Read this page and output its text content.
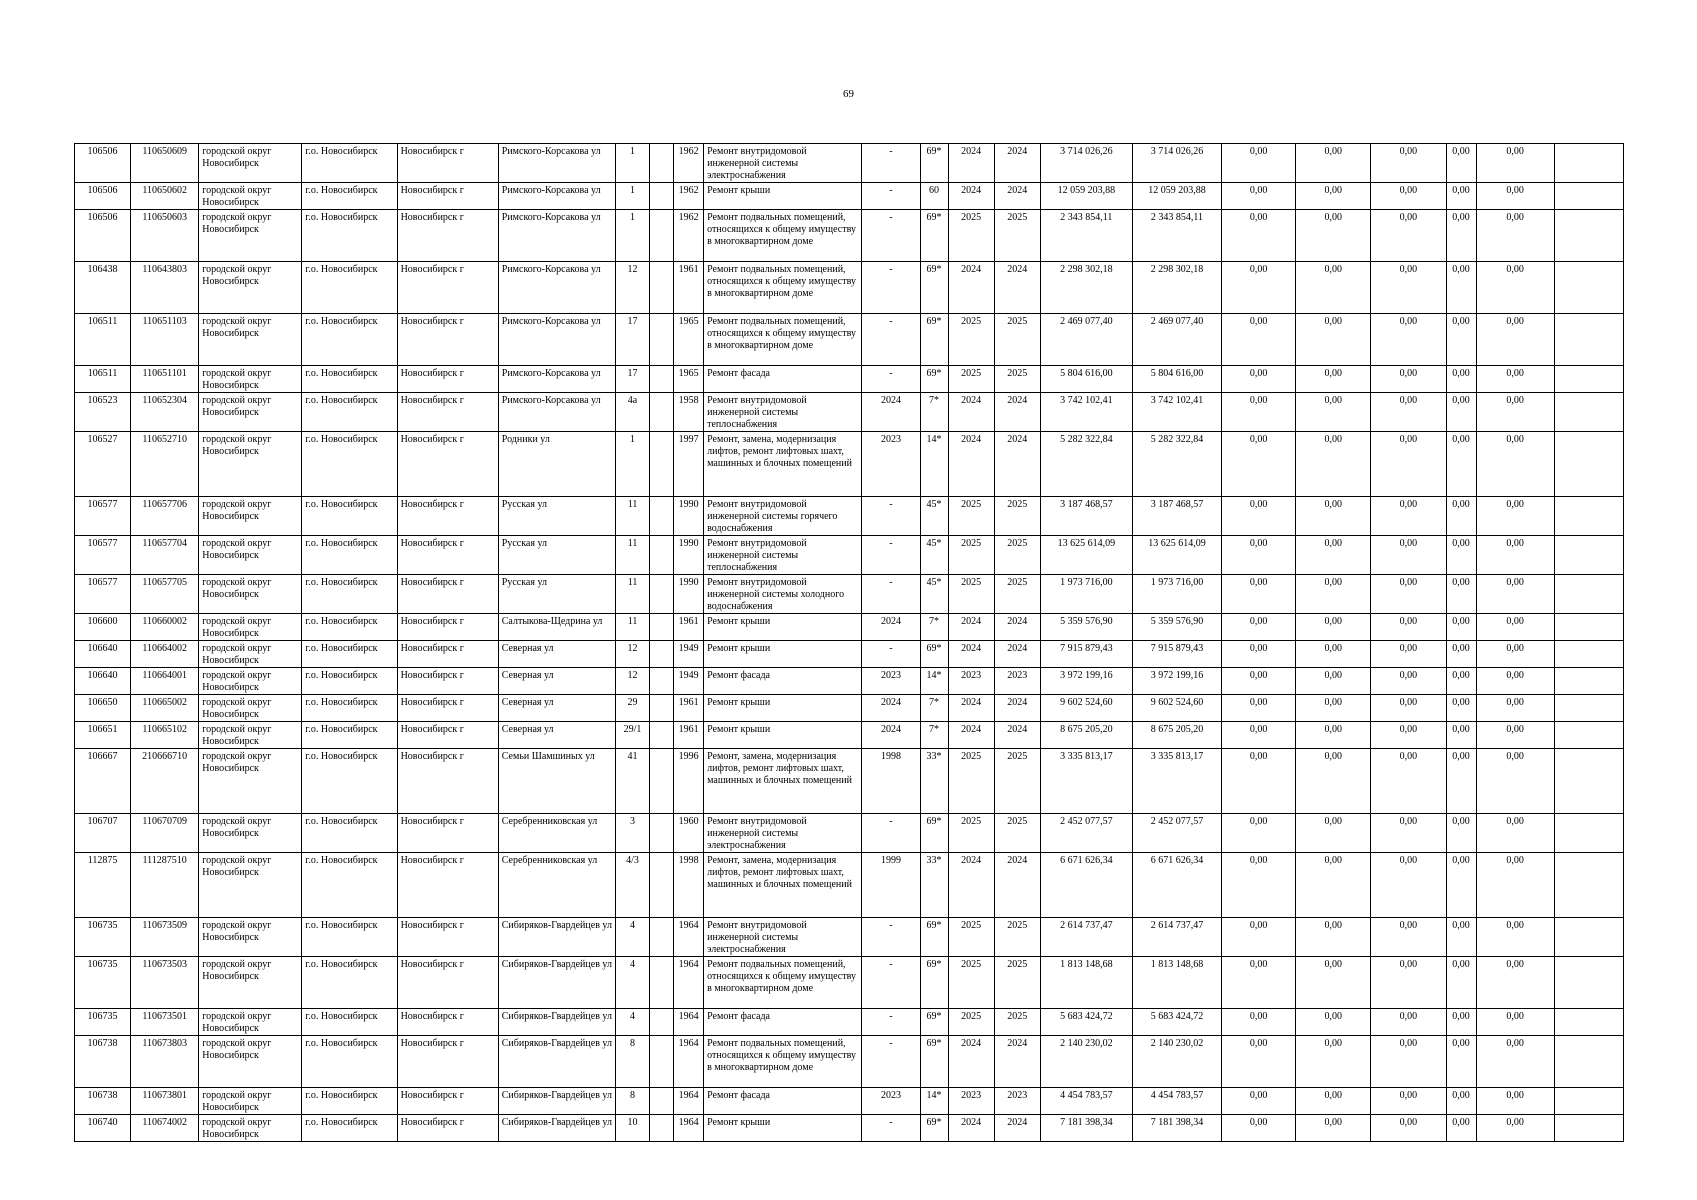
69
106506	110650609	городской округ Новосибирск	г.о. Новосибирск	Новосибирск г	Римского-Корсакова ул	1		1962	Ремонт внутридомовой инженерной системы электроснабжения	-	69*	2024	2024	3 714 026,26	3 714 026,26	0,00	0,00	0,00	0,00	0,00	
106506	110650602	городской округ Новосибирск	г.о. Новосибирск	Новосибирск г	Римского-Корсакова ул	1		1962	Ремонт крыши	-	60	2024	2024	12 059 203,88	12 059 203,88	0,00	0,00	0,00	0,00	0,00	
106506	110650603	городской округ Новосибирск	г.о. Новосибирск	Новосибирск г	Римского-Корсакова ул	1		1962	Ремонт подвальных помещений, относящихся к общему имуществу в многоквартирном доме	-	69*	2025	2025	2 343 854,11	2 343 854,11	0,00	0,00	0,00	0,00	0,00	
106438	110643803	городской округ Новосибирск	г.о. Новосибирск	Новосибирск г	Римского-Корсакова ул	12		1961	Ремонт подвальных помещений, относящихся к общему имуществу в многоквартирном доме	-	69*	2024	2024	2 298 302,18	2 298 302,18	0,00	0,00	0,00	0,00	0,00	
106511	110651103	городской округ Новосибирск	г.о. Новосибирск	Новосибирск г	Римского-Корсакова ул	17		1965	Ремонт подвальных помещений, относящихся к общему имуществу в многоквартирном доме	-	69*	2025	2025	2 469 077,40	2 469 077,40	0,00	0,00	0,00	0,00	0,00	
106511	110651101	городской округ Новосибирск	г.о. Новосибирск	Новосибирск г	Римского-Корсакова ул	17		1965	Ремонт фасада	-	69*	2025	2025	5 804 616,00	5 804 616,00	0,00	0,00	0,00	0,00	0,00	
106523	110652304	городской округ Новосибирск	г.о. Новосибирск	Новосибирск г	Римского-Корсакова ул	4а		1958	Ремонт внутридомовой инженерной системы теплоснабжения	2024	7*	2024	2024	3 742 102,41	3 742 102,41	0,00	0,00	0,00	0,00	0,00	
106527	110652710	городской округ Новосибирск	г.о. Новосибирск	Новосибирск г	Родники ул	1		1997	Ремонт, замена, модернизация лифтов, ремонт лифтовых шахт, машинных и блочных помещений	2023	14*	2024	2024	5 282 322,84	5 282 322,84	0,00	0,00	0,00	0,00	0,00	
106577	110657706	городской округ Новосибирск	г.о. Новосибирск	Новосибирск г	Русская ул	11		1990	Ремонт внутридомовой инженерной системы горячего водоснабжения	-	45*	2025	2025	3 187 468,57	3 187 468,57	0,00	0,00	0,00	0,00	0,00	
106577	110657704	городской округ Новосибирск	г.о. Новосибирск	Новосибирск г	Русская ул	11		1990	Ремонт внутридомовой инженерной системы теплоснабжения	-	45*	2025	2025	13 625 614,09	13 625 614,09	0,00	0,00	0,00	0,00	0,00	
106577	110657705	городской округ Новосибирск	г.о. Новосибирск	Новосибирск г	Русская ул	11		1990	Ремонт внутридомовой инженерной системы холодного водоснабжения	-	45*	2025	2025	1 973 716,00	1 973 716,00	0,00	0,00	0,00	0,00	0,00	
106600	110660002	городской округ Новосибирск	г.о. Новосибирск	Новосибирск г	Салтыкова-Щедрина ул	11		1961	Ремонт крыши	2024	7*	2024	2024	5 359 576,90	5 359 576,90	0,00	0,00	0,00	0,00	0,00	
106640	110664002	городской округ Новосибирск	г.о. Новосибирск	Новосибирск г	Северная ул	12		1949	Ремонт крыши	-	69*	2024	2024	7 915 879,43	7 915 879,43	0,00	0,00	0,00	0,00	0,00	
106640	110664001	городской округ Новосибирск	г.о. Новосибирск	Новосибирск г	Северная ул	12		1949	Ремонт фасада	2023	14*	2023	2023	3 972 199,16	3 972 199,16	0,00	0,00	0,00	0,00	0,00	
106650	110665002	городской округ Новосибирск	г.о. Новосибирск	Новосибирск г	Северная ул	29		1961	Ремонт крыши	2024	7*	2024	2024	9 602 524,60	9 602 524,60	0,00	0,00	0,00	0,00	0,00	
106651	110665102	городской округ Новосибирск	г.о. Новосибирск	Новосибирск г	Северная ул	29/1		1961	Ремонт крыши	2024	7*	2024	2024	8 675 205,20	8 675 205,20	0,00	0,00	0,00	0,00	0,00	
106667	210666710	городской округ Новосибирск	г.о. Новосибирск	Новосибирск г	Семьи Шамшиных ул	41		1996	Ремонт, замена, модернизация лифтов, ремонт лифтовых шахт, машинных и блочных помещений	1998	33*	2025	2025	3 335 813,17	3 335 813,17	0,00	0,00	0,00	0,00	0,00	
106707	110670709	городской округ Новосибирск	г.о. Новосибирск	Новосибирск г	Серебренниковская ул	3		1960	Ремонт внутридомовой инженерной системы электроснабжения	-	69*	2025	2025	2 452 077,57	2 452 077,57	0,00	0,00	0,00	0,00	0,00	
112875	111287510	городской округ Новосибирск	г.о. Новосибирск	Новосибирск г	Серебренниковская ул	4/3		1998	Ремонт, замена, модернизация лифтов, ремонт лифтовых шахт, машинных и блочных помещений	1999	33*	2024	2024	6 671 626,34	6 671 626,34	0,00	0,00	0,00	0,00	0,00	
106735	110673509	городской округ Новосибирск	г.о. Новосибирск	Новосибирск г	Сибиряков-Гвардейцев ул	4		1964	Ремонт внутридомовой инженерной системы электроснабжения	-	69*	2025	2025	2 614 737,47	2 614 737,47	0,00	0,00	0,00	0,00	0,00	
106735	110673503	городской округ Новосибирск	г.о. Новосибирск	Новосибирск г	Сибиряков-Гвардейцев ул	4		1964	Ремонт подвальных помещений, относящихся к общему имуществу в многоквартирном доме	-	69*	2025	2025	1 813 148,68	1 813 148,68	0,00	0,00	0,00	0,00	0,00	
106735	110673501	городской округ Новосибирск	г.о. Новосибирск	Новосибирск г	Сибиряков-Гвардейцев ул	4		1964	Ремонт фасада	-	69*	2025	2025	5 683 424,72	5 683 424,72	0,00	0,00	0,00	0,00	0,00	
106738	110673803	городской округ Новосибирск	г.о. Новосибирск	Новосибирск г	Сибиряков-Гвардейцев ул	8		1964	Ремонт подвальных помещений, относящихся к общему имуществу в многоквартирном доме	-	69*	2024	2024	2 140 230,02	2 140 230,02	0,00	0,00	0,00	0,00	0,00	
106738	110673801	городской округ Новосибирск	г.о. Новосибирск	Новосибирск г	Сибиряков-Гвардейцев ул	8		1964	Ремонт фасада	2023	14*	2023	2023	4 454 783,57	4 454 783,57	0,00	0,00	0,00	0,00	0,00	
106740	110674002	городской округ Новосибирск	г.о. Новосибирск	Новосибирск г	Сибиряков-Гвардейцев ул	10		1964	Ремонт крыши	-	69*	2024	2024	7 181 398,34	7 181 398,34	0,00	0,00	0,00	0,00	0,00	
